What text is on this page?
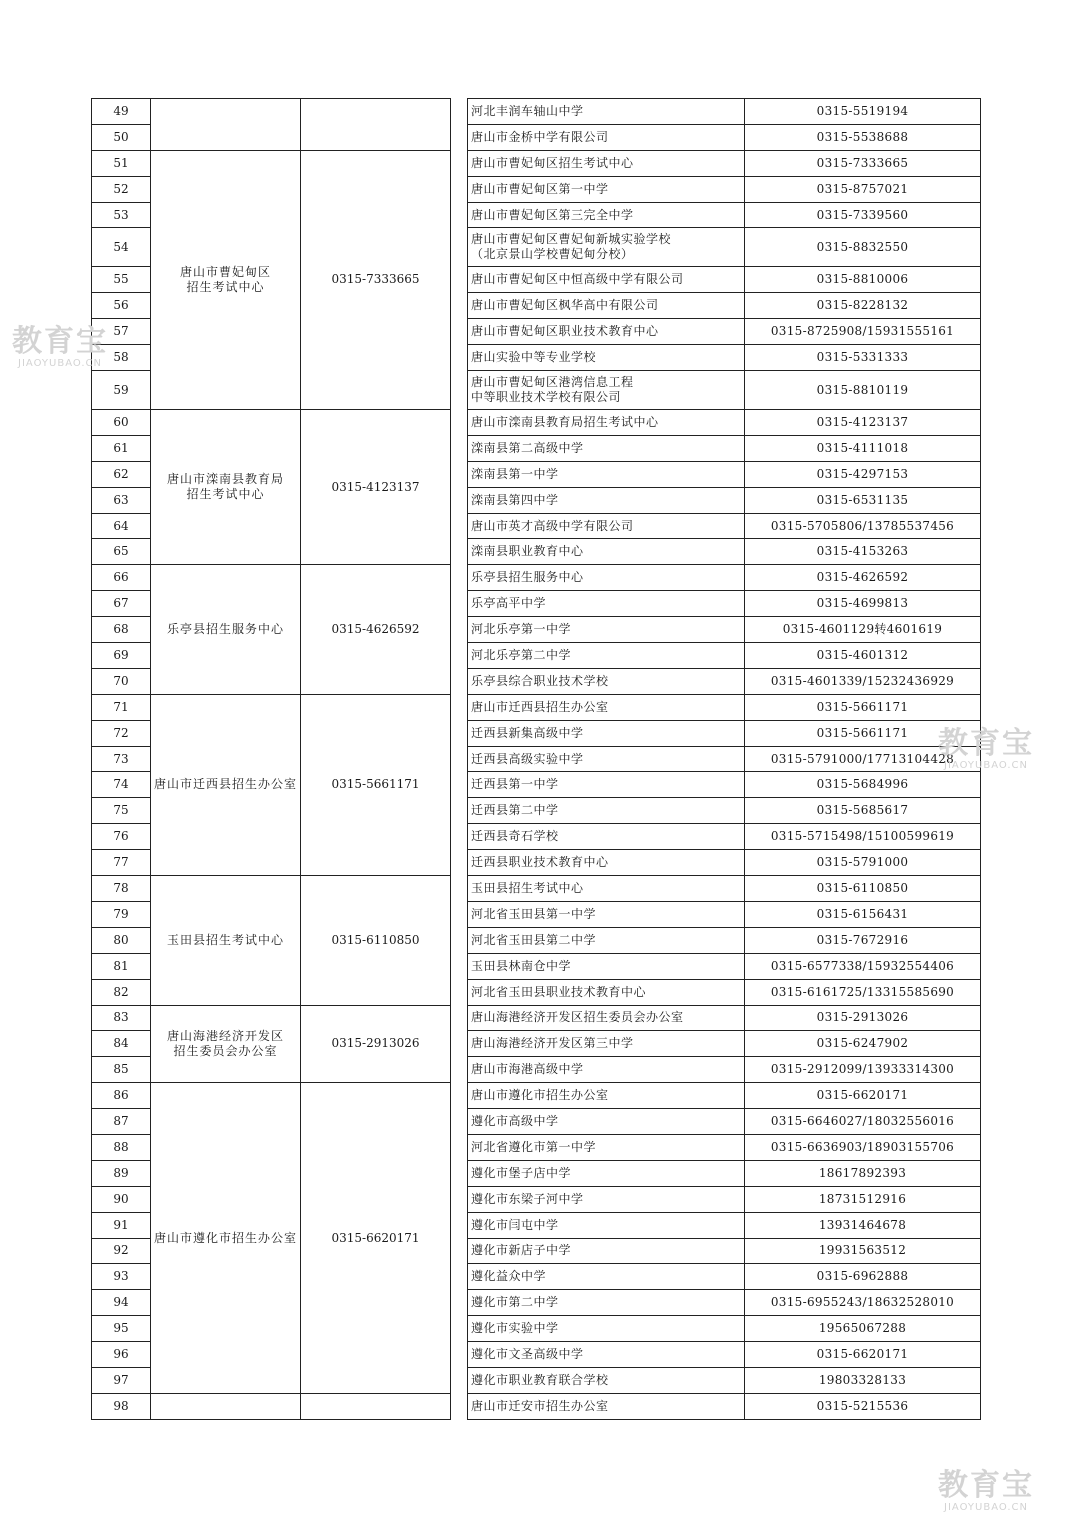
49				河北丰润车轴山中学	0315-5519194
50				唐山市金桥中学有限公司	0315-5538688
51	唐山市曹妃甸区
招生考试中心	0315-7333665		唐山市曹妃甸区招生考试中心	0315-7333665
52				唐山市曹妃甸区第一中学	0315-8757021
53				唐山市曹妃甸区第三完全中学	0315-7339560
54				唐山市曹妃甸区曹妃甸新城实验学校
（北京景山学校曹妃甸分校）	0315-8832550
55				唐山市曹妃甸区中恒高级中学有限公司	0315-8810006
56				唐山市曹妃甸区枫华高中有限公司	0315-8228132
57				唐山市曹妃甸区职业技术教育中心	0315-8725908/15931555161
58				唐山实验中等专业学校	0315-5331333
59				唐山市曹妃甸区港湾信息工程
中等职业技术学校有限公司	0315-8810119
60	唐山市滦南县教育局
招生考试中心	0315-4123137		唐山市滦南县教育局招生考试中心	0315-4123137
61				滦南县第二高级中学	0315-4111018
62				滦南县第一中学	0315-4297153
63				滦南县第四中学	0315-6531135
64				唐山市英才高级中学有限公司	0315-5705806/13785537456
65				滦南县职业教育中心	0315-4153263
66	乐亭县招生服务中心	0315-4626592		乐亭县招生服务中心	0315-4626592
67				乐亭高平中学	0315-4699813
68				河北乐亭第一中学	0315-4601129转4601619
69				河北乐亭第二中学	0315-4601312
70				乐亭县综合职业技术学校	0315-4601339/15232436929
71	唐山市迁西县招生办公室	0315-5661171		唐山市迁西县招生办公室	0315-5661171
72				迁西县新集高级中学	0315-5661171
73				迁西县高级实验中学	0315-5791000/17713104428
74				迁西县第一中学	0315-5684996
75				迁西县第二中学	0315-5685617
76				迁西县奇石学校	0315-5715498/15100599619
77				迁西县职业技术教育中心	0315-5791000
78	玉田县招生考试中心	0315-6110850		玉田县招生考试中心	0315-6110850
79				河北省玉田县第一中学	0315-6156431
80				河北省玉田县第二中学	0315-7672916
81				玉田县林南仓中学	0315-6577338/15932554406
82				河北省玉田县职业技术教育中心	0315-6161725/13315585690
83	唐山海港经济开发区
招生委员会办公室	0315-2913026		唐山海港经济开发区招生委员会办公室	0315-2913026
84				唐山海港经济开发区第三中学	0315-6247902
85				唐山市海港高级中学	0315-2912099/13933314300
86	唐山市遵化市招生办公室	0315-6620171		唐山市遵化市招生办公室	0315-6620171
87				遵化市高级中学	0315-6646027/18032556016
88				河北省遵化市第一中学	0315-6636903/18903155706
89				遵化市堡子店中学	18617892393
90				遵化市东梁子河中学	18731512916
91				遵化市闫屯中学	13931464678
92				遵化市新店子中学	19931563512
93				遵化益众中学	0315-6962888
94				遵化市第二中学	0315-6955243/18632528010
95				遵化市实验中学	19565067288
96				遵化市文圣高级中学	0315-6620171
97				遵化市职业教育联合学校	19803328133
98				唐山市迁安市招生办公室	0315-5215536
教育宝
JIAOYUBAO.CN
教育宝
JIAOYUBAO.CN
教育宝
JIAOYUBAO.CN
